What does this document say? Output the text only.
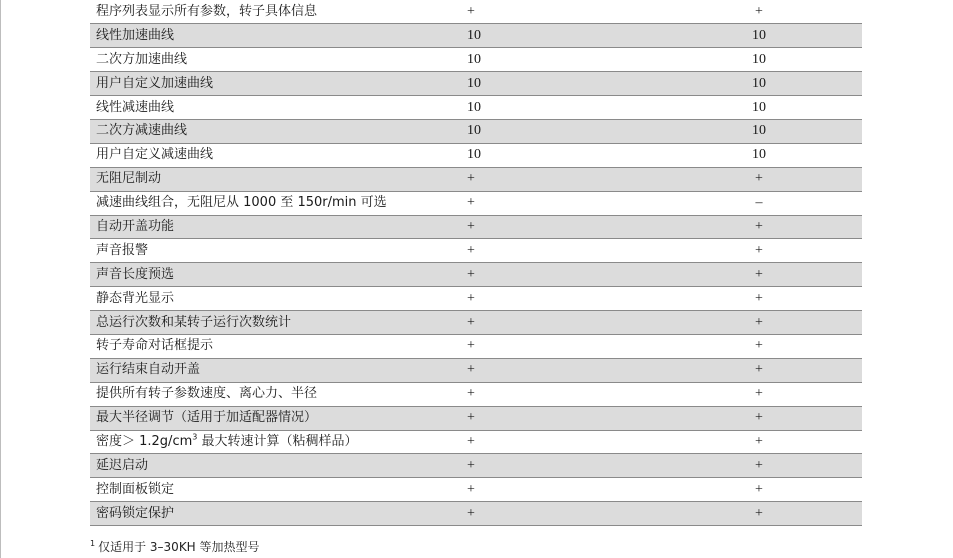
程序列表显示所有参数，转子具体信息	+	+
线性加速曲线	10	10
二次方加速曲线	10	10
用户自定义加速曲线	10	10
线性减速曲线	10	10
二次方减速曲线	10	10
用户自定义减速曲线	10	10
无阻尼制动	+	+
减速曲线组合，无阻尼从 1000 至 150r/min 可选	+	–
自动开盖功能	+	+
声音报警	+	+
声音长度预选	+	+
静态背光显示	+	+
总运行次数和某转子运行次数统计	+	+
转子寿命对话框提示	+	+
运行结束自动开盖	+	+
提供所有转子参数速度、离心力、半径	+	+
最大半径调节（适用于加适配器情况）	+	+
密度＞ $1.2g/cm^3$ 最大转速计算（粘稠样品）	+	+
延迟启动	+	+
控制面板锁定	+	+
密码锁定保护	+	+
$^1$ 仅适用于 3–30KH 等加热型号
